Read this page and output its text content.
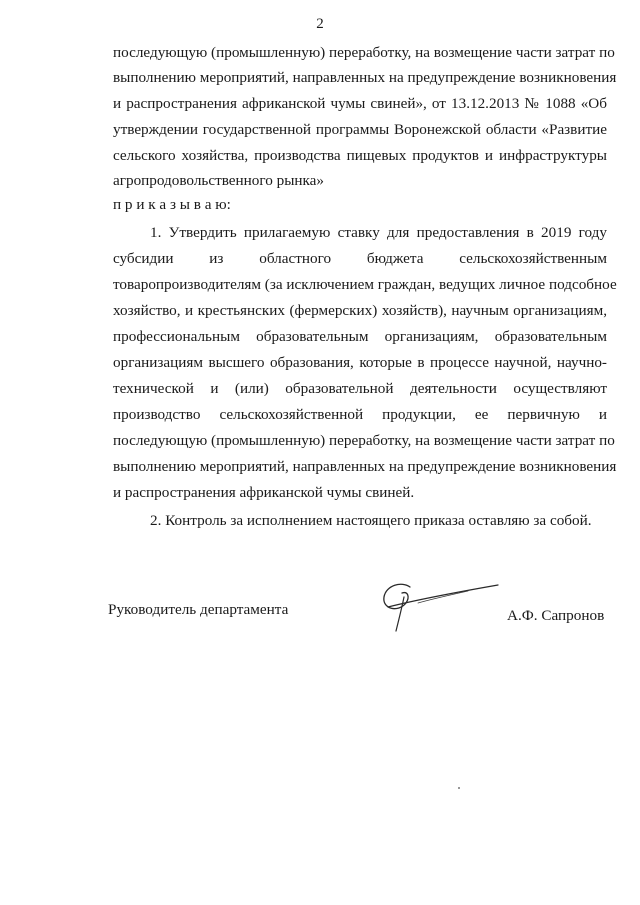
2
последующую (промышленную) переработку, на возмещение части затрат по
выполнению мероприятий, направленных на предупреждение возникновения
и распространения африканской чумы свиней», от 13.12.2013 № 1088 «Об
утверждении государственной программы Воронежской области «Развитие
сельского хозяйства, производства пищевых продуктов и инфраструктуры
агропродовольственного рынка»
п р и к а з ы в а ю:
1. Утвердить прилагаемую ставку для предоставления в 2019 году
субсидии из областного бюджета сельскохозяйственным
товаропроизводителям (за исключением граждан, ведущих личное подсобное
хозяйство, и крестьянских (фермерских) хозяйств), научным организациям,
профессиональным образовательным организациям, образовательным
организациям высшего образования, которые в процессе научной, научно-
технической и (или) образовательной деятельности осуществляют
производство сельскохозяйственной продукции, ее первичную и
последующую (промышленную) переработку, на возмещение части затрат по
выполнению мероприятий, направленных на предупреждение возникновения
и распространения африканской чумы свиней.
2. Контроль за исполнением настоящего приказа оставляю за собой.
Руководитель департамента	А.Ф. Сапронов
